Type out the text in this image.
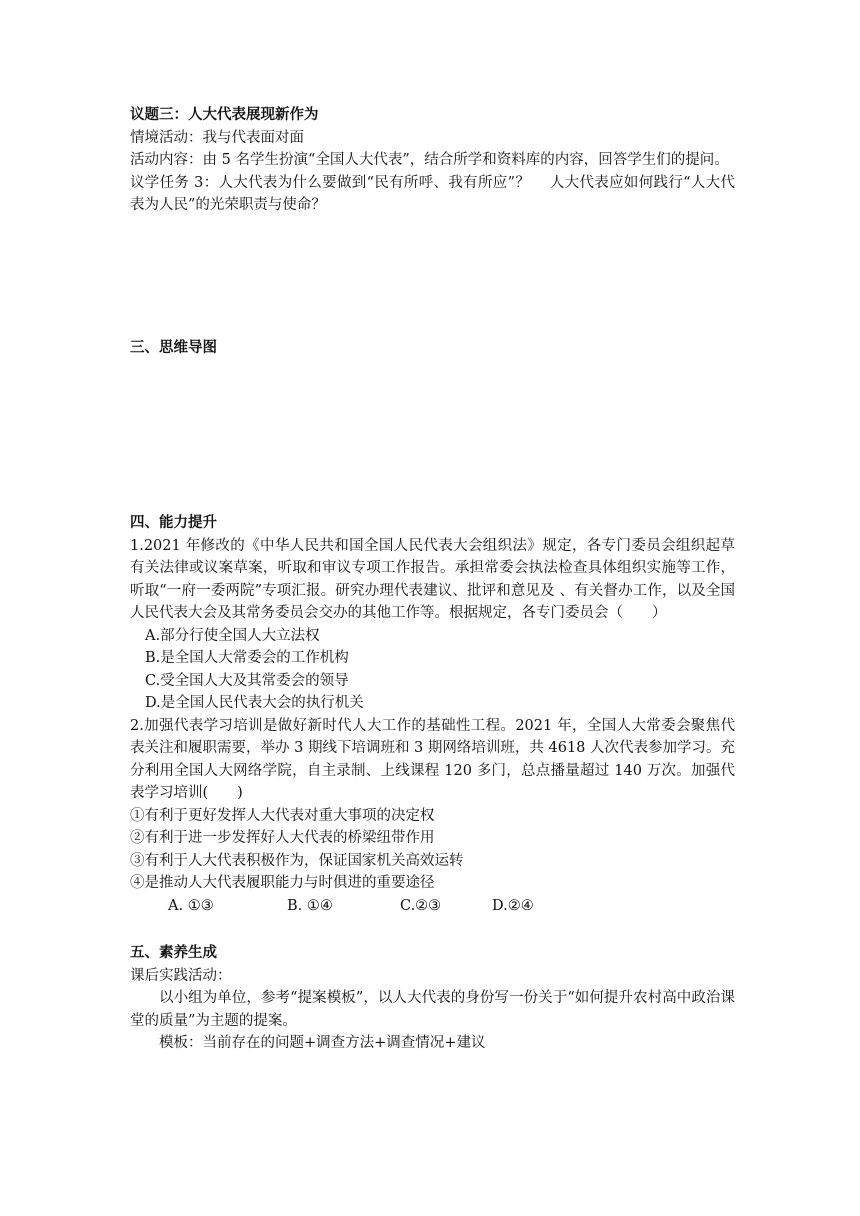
议题三：人大代表展现新作为
情境活动：我与代表面对面
活动内容：由 5 名学生扮演“全国人大代表”，结合所学和资料库的内容，回答学生们的提问。
议学任务 3：人大代表为什么要做到“民有所呼、我有所应”？　 人大代表应如何践行“人大代表为人民”的光荣职责与使命？
三、思维导图
四、能力提升
1.2021 年修改的《中华人民共和国全国人民代表大会组织法》规定，各专门委员会组织起草有关法律或议案草案，听取和审议专项工作报告。承担常委会执法检查具体组织实施等工作，听取“一府一委两院”专项汇报。研究办理代表建议、批评和意见及 、有关督办工作，以及全国人民代表大会及其常务委员会交办的其他工作等。根据规定，各专门委员会（　　）
A.部分行使全国人大立法权
B.是全国人大常委会的工作机构
C.受全国人大及其常委会的领导
D.是全国人民代表大会的执行机关
2.加强代表学习培训是做好新时代人大工作的基础性工程。2021 年，全国人大常委会聚焦代表关注和履职需要，举办 3 期线下培调班和 3 期网络培训班，共 4618 人次代表参加学习。充分利用全国人大网络学院，自主录制、上线课程 120 多门，总点播量超过 140 万次。加强代表学习培训(　　)
①有利于更好发挥人大代表对重大事项的决定权
②有利于进一步发挥好人大代表的桥梁纽带作用
③有利于人大代表积极作为，保证国家机关高效运转
④是推动人大代表履职能力与时俱进的重要途径
A. ①③	B. ①④	C.②③	D.②④
五、素养生成
课后实践活动：
以小组为单位，参考“提案模板”，以人大代表的身份写一份关于“如何提升农村高中政治课堂的质量”为主题的提案。
模板：当前存在的问题+调查方法+调查情况+建议
